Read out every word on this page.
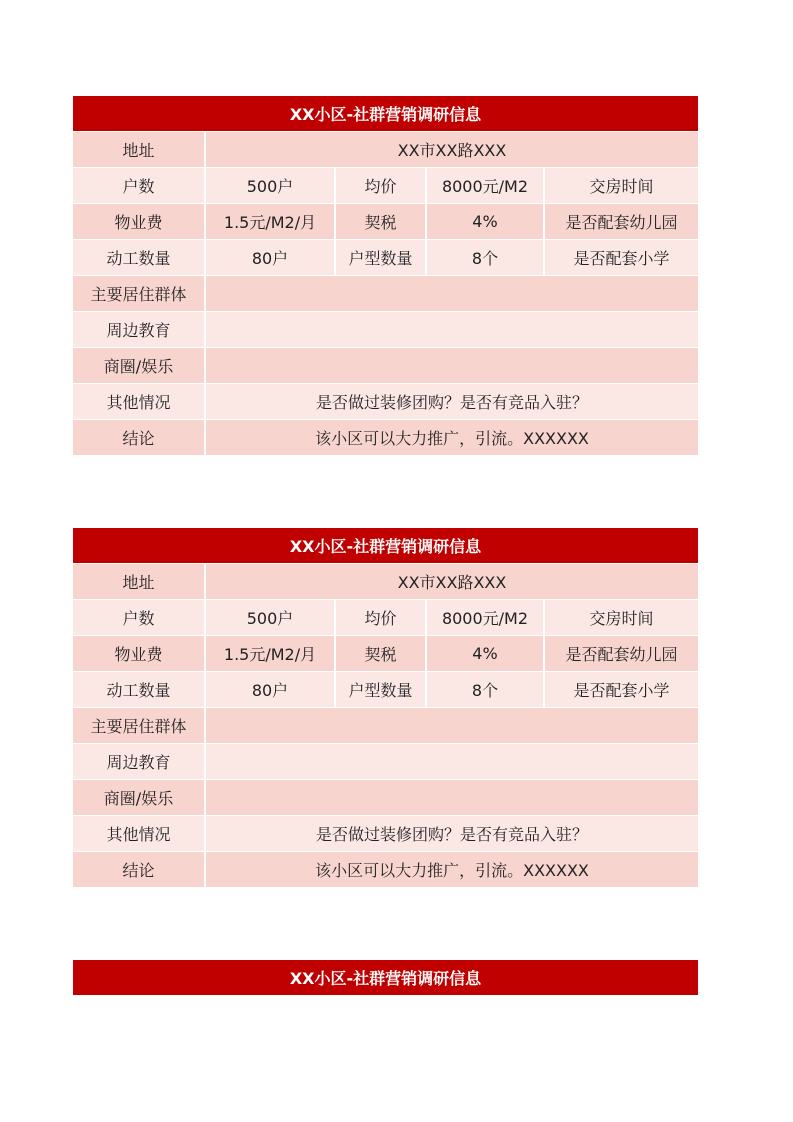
XX小区-社群营销调研信息				
地址	XX市XX路XXX			
户数	500户	均价	8000元/M2	交房时间
物业费	1.5元/M2/月	契税	4%	是否配套幼儿园
动工数量	80户	户型数量	8个	是否配套小学
主要居住群体				
周边教育				
商圈/娱乐				
其他情况	是否做过装修团购？是否有竞品入驻？			
结论	该小区可以大力推广，引流。XXXXXX			
XX小区-社群营销调研信息				
地址	XX市XX路XXX			
户数	500户	均价	8000元/M2	交房时间
物业费	1.5元/M2/月	契税	4%	是否配套幼儿园
动工数量	80户	户型数量	8个	是否配套小学
主要居住群体				
周边教育				
商圈/娱乐				
其他情况	是否做过装修团购？是否有竞品入驻？			
结论	该小区可以大力推广，引流。XXXXXX			
XX小区-社群营销调研信息
